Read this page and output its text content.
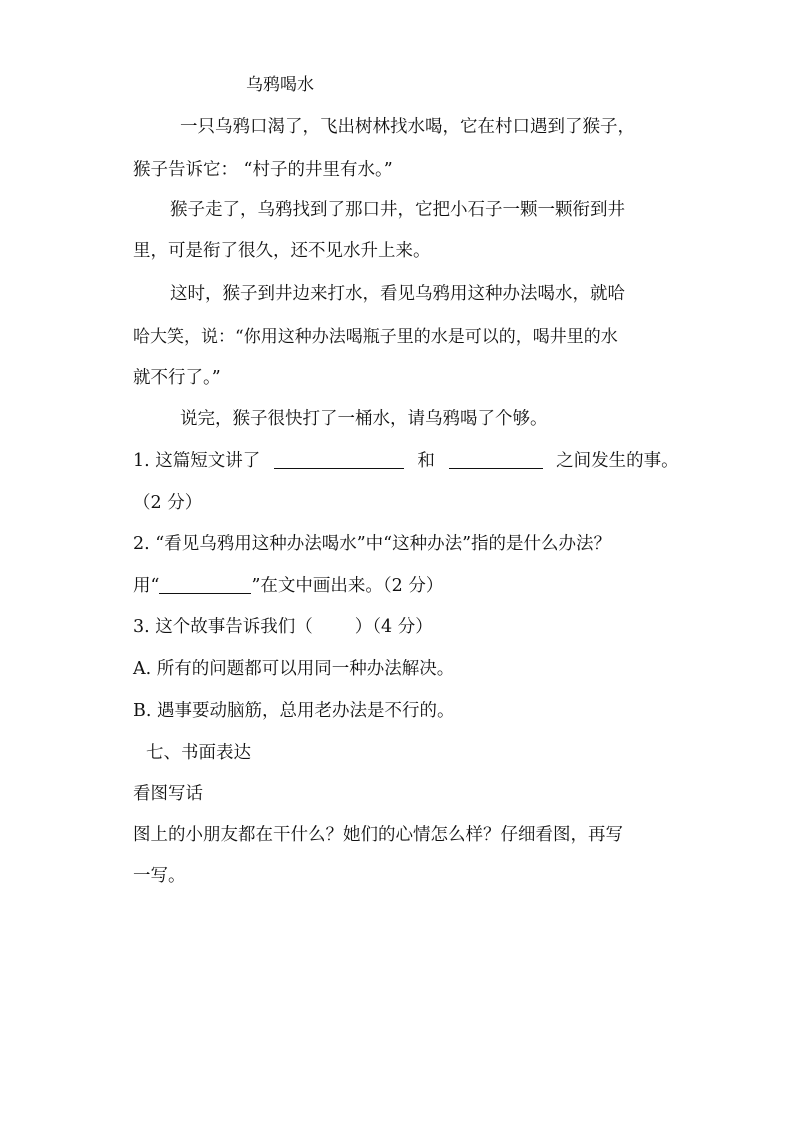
乌鸦喝水
一只乌鸦口渴了，飞出树林找水喝，它在村口遇到了猴子，
猴子告诉它： “村子的井里有水。”
猴子走了，乌鸦找到了那口井，它把小石子一颗一颗衔到井
里，可是衔了很久，还不见水升上来。
这时，猴子到井边来打水，看见乌鸦用这种办法喝水，就哈
哈大笑，说：“你用这种办法喝瓶子里的水是可以的，喝井里的水
就不行了。”
说完，猴子很快打了一桶水，请乌鸦喝了个够。
1. 这篇短文讲了	和	之间发生的事。
（2 分）
2. “看见乌鸦用这种办法喝水”中“这种办法”指的是什么办法？
用“	”在文中画出来。（2 分）
3. 这个故事告诉我们（ ）（4 分）
A. 所有的问题都可以用同一种办法解决。
B. 遇事要动脑筋，总用老办法是不行的。
七、书面表达
看图写话
图上的小朋友都在干什么？她们的心情怎么样？仔细看图，再写
一写。
